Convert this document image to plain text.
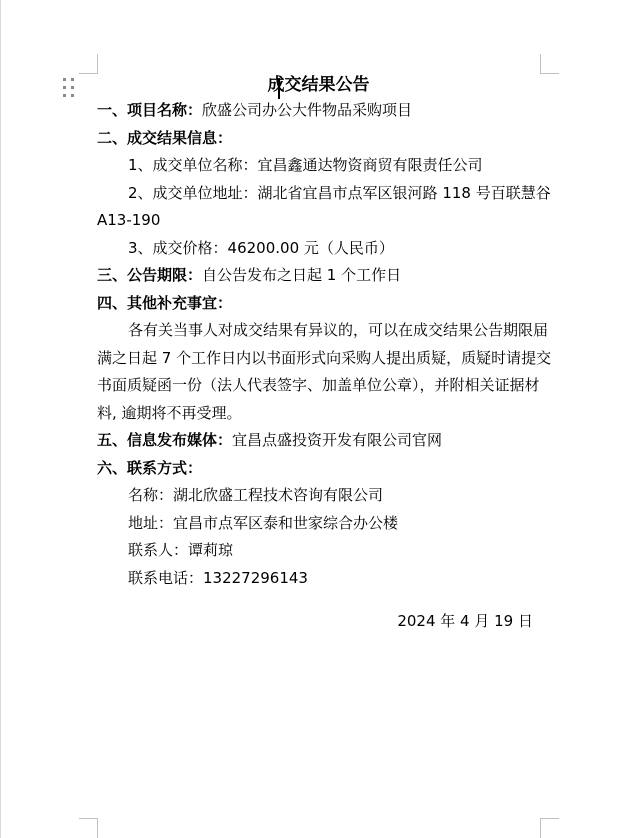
成交结果公告
一、项目名称：欣盛公司办公大件物品采购项目
二、成交结果信息：
1、成交单位名称：宜昌鑫通达物资商贸有限责任公司
2、成交单位地址：湖北省宜昌市点军区银河路 118 号百联慧谷
A13-190
3、成交价格：46200.00 元（人民币）
三、公告期限：自公告发布之日起 1 个工作日
四、其他补充事宜：
各有关当事人对成交结果有异议的，可以在成交结果公告期限届
满之日起 7 个工作日内以书面形式向采购人提出质疑，质疑时请提交
书面质疑函一份（法人代表签字、加盖单位公章），并附相关证据材
料, 逾期将不再受理。
五、信息发布媒体：宜昌点盛投资开发有限公司官网
六、联系方式：
名称：湖北欣盛工程技术咨询有限公司
地址：宜昌市点军区泰和世家综合办公楼
联系人：谭莉琼
联系电话：13227296143
2024 年 4 月 19 日
